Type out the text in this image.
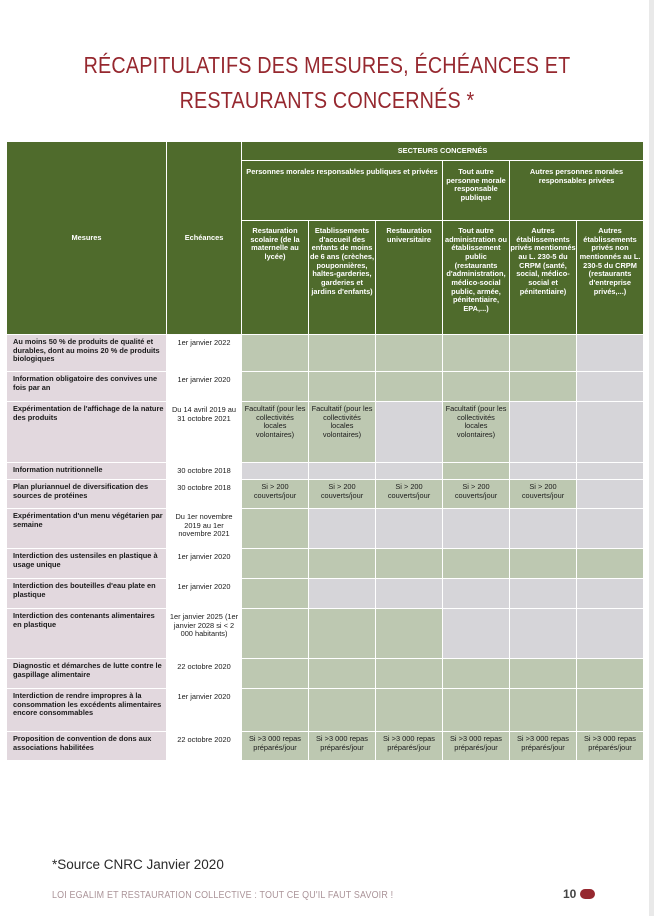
RÉCAPITULATIFS DES MESURES, ÉCHÉANCES ET
RESTAURANTS CONCERNÉS *
Mesures	Echéances	SECTEURS CONCERNÉS					
		Personnes morales responsables publiques et privées			Tout autre personne morale responsable publique	Autres personnes morales responsables privées	
		Restauration scolaire (de la maternelle au lycée)	Etablissements d'accueil des enfants de moins de 6 ans (crèches, pouponnières, haltes-garderies, garderies et jardins d'enfants)	Restauration universitaire	Tout autre administration ou établissement public (restaurants d'administration, médico-social public, armée, pénitentiaire, EPA,...)	Autres établissements privés mentionnés au L. 230-5 du CRPM (santé, social, médico-social et pénitentiaire)	Autres établissements privés non mentionnés au L. 230-5 du CRPM (restaurants d'entreprise privés,...)
Au moins 50 % de produits de qualité et durables, dont au moins 20 % de produits biologiques	1er janvier 2022	

Information obligatoire des convives une fois par an	1er janvier 2020	

Expérimentation de l'affichage de la nature des produits	Du 14 avril 2019 au 31 octobre 2021	Facultatif (pour les collectivités locales volontaires)	Facultatif (pour les collectivités locales volontaires)		Facultatif (pour les collectivités locales volontaires)		

Information nutritionnelle	30 octobre 2018	

Plan pluriannuel de diversification des sources de protéines	30 octobre 2018	Si > 200 couverts/jour	Si > 200 couverts/jour	Si > 200 couverts/jour	Si > 200 couverts/jour	Si > 200 couverts/jour	

Expérimentation d'un menu végétarien par semaine	Du 1er novembre 2019 au 1er novembre 2021	

Interdiction des ustensiles en plastique à usage unique	1er janvier 2020	

Interdiction des bouteilles d'eau plate en plastique	1er janvier 2020	

Interdiction des contenants alimentaires en plastique	1er janvier 2025 (1er janvier 2028 si < 2 000 habitants)	

Diagnostic et démarches de lutte contre le gaspillage alimentaire	22 octobre 2020	

Interdiction de rendre impropres à la consommation les excédents alimentaires encore consommables	1er janvier 2020	

Proposition de convention de dons aux associations habilitées	22 octobre 2020	Si >3 000 repas préparés/jour	Si >3 000 repas préparés/jour	Si >3 000 repas préparés/jour	Si >3 000 repas préparés/jour	Si >3 000 repas préparés/jour	Si >3 000 repas préparés/jour
*Source CNRC Janvier 2020
LOI EGALIM ET RESTAURATION COLLECTIVE : TOUT CE QU'IL FAUT SAVOIR !	10
